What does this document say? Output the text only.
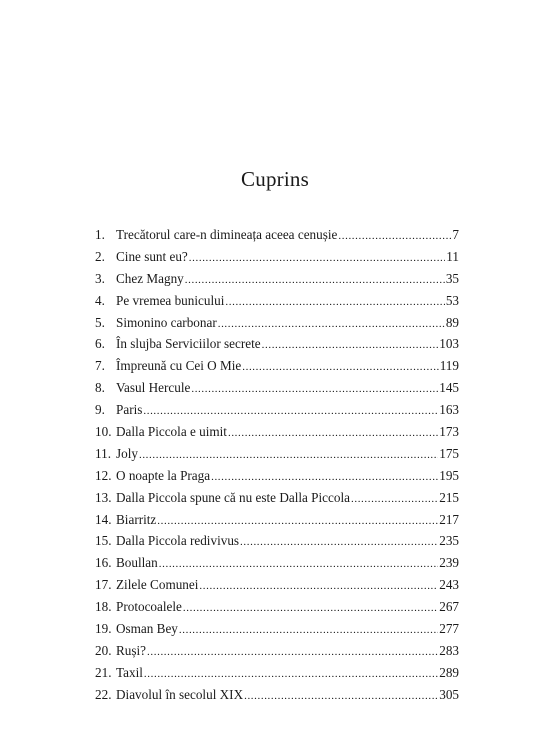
Cuprins
1. Trecătorul care-n dimineața aceea cenușie .....	7
2. Cine sunt eu? .....	11
3. Chez Magny .....	35
4. Pe vremea bunicului .....	53
5. Simonino carbonar .....	89
6. În slujba Serviciilor secrete .....	103
7. Împreună cu Cei O Mie .....	119
8. Vasul Hercule .....	145
9. Paris .....	163
10. Dalla Piccola e uimit .....	173
11. Joly .....	175
12. O noapte la Praga .....	195
13. Dalla Piccola spune că nu este Dalla Piccola .....	215
14. Biarritz .....	217
15. Dalla Piccola redivivus .....	235
16. Boullan .....	239
17. Zilele Comunei .....	243
18. Protocoalele .....	267
19. Osman Bey .....	277
20. Ruși? .....	283
21. Taxil .....	289
22. Diavolul în secolul XIX .....	305
